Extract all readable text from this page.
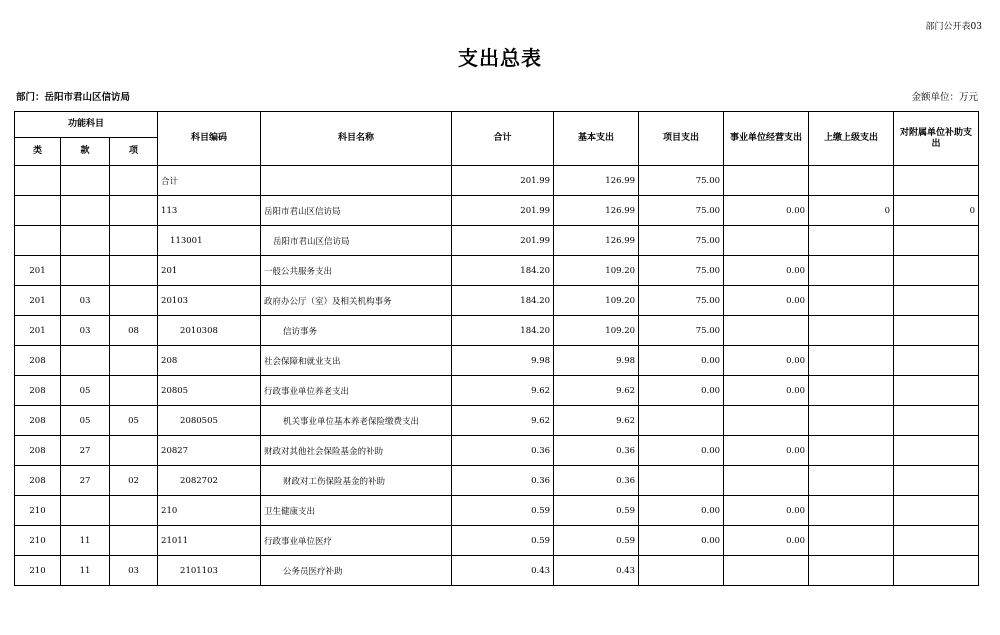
部门公开表03
支出总表
部门：岳阳市君山区信访局	金额单位：万元
功能科目			科目编码	科目名称	合计	基本支出	项目支出	事业单位经营支出	上缴上级支出	对附属单位补助支出
类	款	项								
			合计		201.99	126.99	75.00			
			113	岳阳市君山区信访局	201.99	126.99	75.00	0.00	0	0
			113001	岳阳市君山区信访局	201.99	126.99	75.00			
201			201	一般公共服务支出	184.20	109.20	75.00	0.00		
201	03		20103	政府办公厅（室）及相关机构事务	184.20	109.20	75.00	0.00		
201	03	08	2010308	信访事务	184.20	109.20	75.00			
208			208	社会保障和就业支出	9.98	9.98	0.00	0.00		
208	05		20805	行政事业单位养老支出	9.62	9.62	0.00	0.00		
208	05	05	2080505	机关事业单位基本养老保险缴费支出	9.62	9.62				
208	27		20827	财政对其他社会保险基金的补助	0.36	0.36	0.00	0.00		
208	27	02	2082702	财政对工伤保险基金的补助	0.36	0.36				
210			210	卫生健康支出	0.59	0.59	0.00	0.00		
210	11		21011	行政事业单位医疗	0.59	0.59	0.00	0.00		
210	11	03	2101103	公务员医疗补助	0.43	0.43				
